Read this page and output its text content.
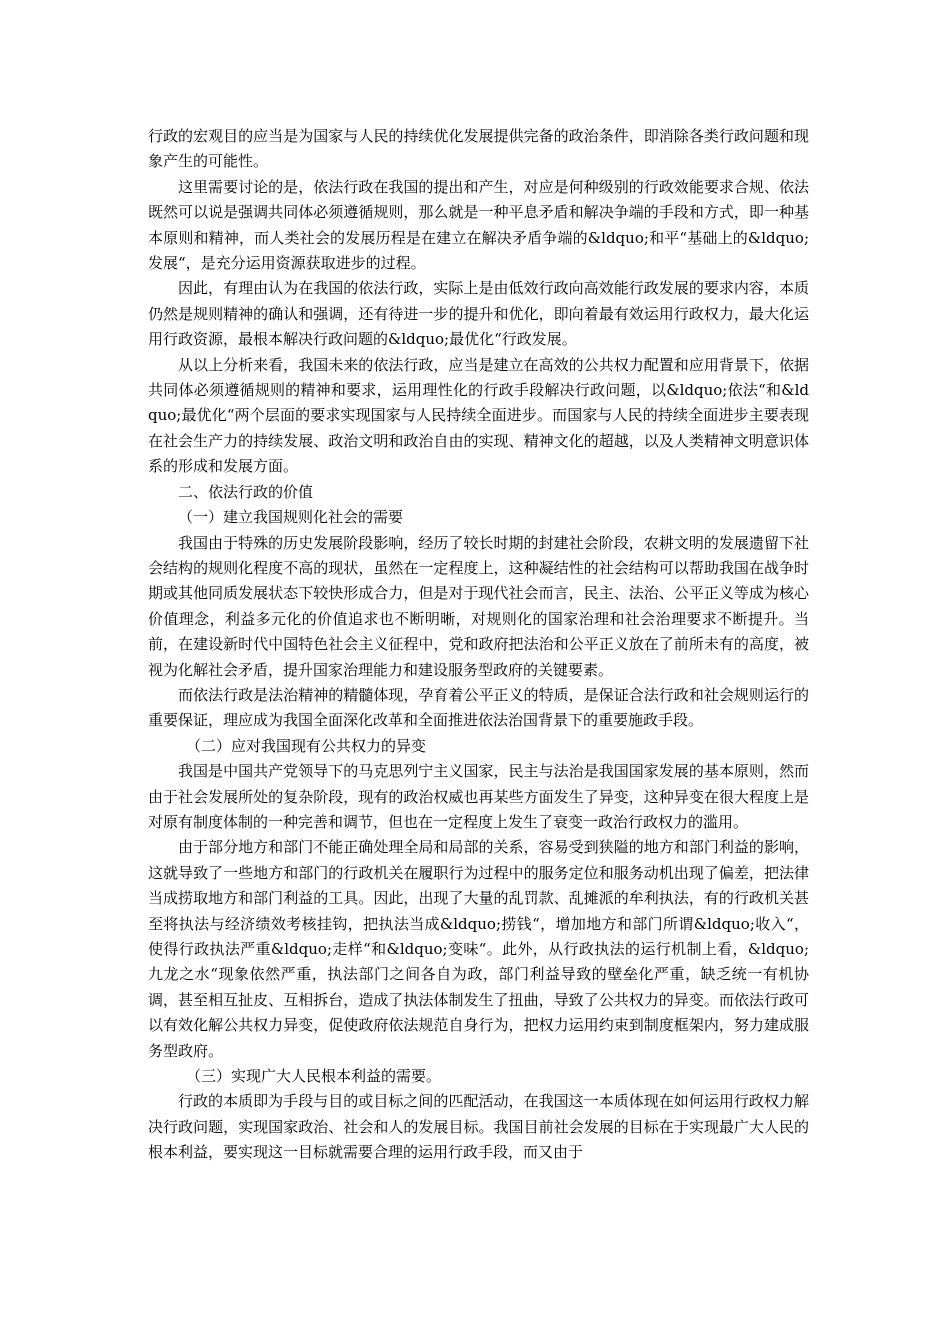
行政的宏观目的应当是为国家与人民的持续优化发展提供完备的政治条件，即消除各类行政问题和现象产生的可能性。

这里需要讨论的是，依法行政在我国的提出和产生，对应是何种级别的行政效能要求合规、依法既然可以说是强调共同体必须遵循规则，那么就是一种平息矛盾和解决争端的手段和方式，即一种基本原则和精神，而人类社会的发展历程是在建立在解决矛盾争端的&ldquo;和平“基础上的&ldquo;发展“，是充分运用资源获取进步的过程。

因此，有理由认为在我国的依法行政，实际上是由低效行政向高效能行政发展的要求内容，本质仍然是规则精神的确认和强调，还有待进一步的提升和优化，即向着最有效运用行政权力，最大化运用行政资源，最根本解决行政问题的&ldquo;最优化“行政发展。

从以上分析来看，我国未来的依法行政，应当是建立在高效的公共权力配置和应用背景下，依据共同体必须遵循规则的精神和要求，运用理性化的行政手段解决行政问题，以&ldquo;依法“和&ldquo;最优化“两个层面的要求实现国家与人民持续全面进步。而国家与人民的持续全面进步主要表现在社会生产力的持续发展、政治文明和政治自由的实现、精神文化的超越，以及人类精神文明意识体系的形成和发展方面。

二、依法行政的价值

（一）建立我国规则化社会的需要

我国由于特殊的历史发展阶段影响，经历了较长时期的封建社会阶段，农耕文明的发展遗留下社会结构的规则化程度不高的现状，虽然在一定程度上，这种凝结性的社会结构可以帮助我国在战争时期或其他同质发展状态下较快形成合力，但是对于现代社会而言，民主、法治、公平正义等成为核心价值理念，利益多元化的价值追求也不断明晰，对规则化的国家治理和社会治理要求不断提升。当前，在建设新时代中国特色社会主义征程中，党和政府把法治和公平正义放在了前所未有的高度，被视为化解社会矛盾，提升国家治理能力和建设服务型政府的关键要素。

而依法行政是法治精神的精髓体现，孕育着公平正义的特质，是保证合法行政和社会规则运行的重要保证，理应成为我国全面深化改革和全面推进依法治国背景下的重要施政手段。

（二）应对我国现有公共权力的异变

我国是中国共产党领导下的马克思列宁主义国家，民主与法治是我国国家发展的基本原则，然而由于社会发展所处的复杂阶段，现有的政治权威也再某些方面发生了异变，这种异变在很大程度上是对原有制度体制的一种完善和调节，但也在一定程度上发生了衰变一政治行政权力的滥用。

由于部分地方和部门不能正确处理全局和局部的关系，容易受到狭隘的地方和部门利益的影响，这就导致了一些地方和部门的行政机关在履职行为过程中的服务定位和服务动机出现了偏差，把法律当成捞取地方和部门利益的工具。因此，出现了大量的乱罚款、乱摊派的牟利执法，有的行政机关甚至将执法与经济绩效考核挂钩，把执法当成&ldquo;捞钱“，增加地方和部门所谓&ldquo;收入“，使得行政执法严重&ldquo;走样“和&ldquo;变味“。此外，从行政执法的运行机制上看，&ldquo;九龙之水“现象依然严重，执法部门之间各自为政，部门利益导致的壁垒化严重，缺乏统一有机协调，甚至相互扯皮、互相拆台，造成了执法体制发生了扭曲，导致了公共权力的异变。而依法行政可以有效化解公共权力异变，促使政府依法规范自身行为，把权力运用约束到制度框架内，努力建成服务型政府。

（三）实现广大人民根本利益的需要。

行政的本质即为手段与目的或目标之间的匹配活动，在我国这一本质体现在如何运用行政权力解决行政问题，实现国家政治、社会和人的发展目标。我国目前社会发展的目标在于实现最广大人民的根本利益，要实现这一目标就需要合理的运用行政手段，而又由于
